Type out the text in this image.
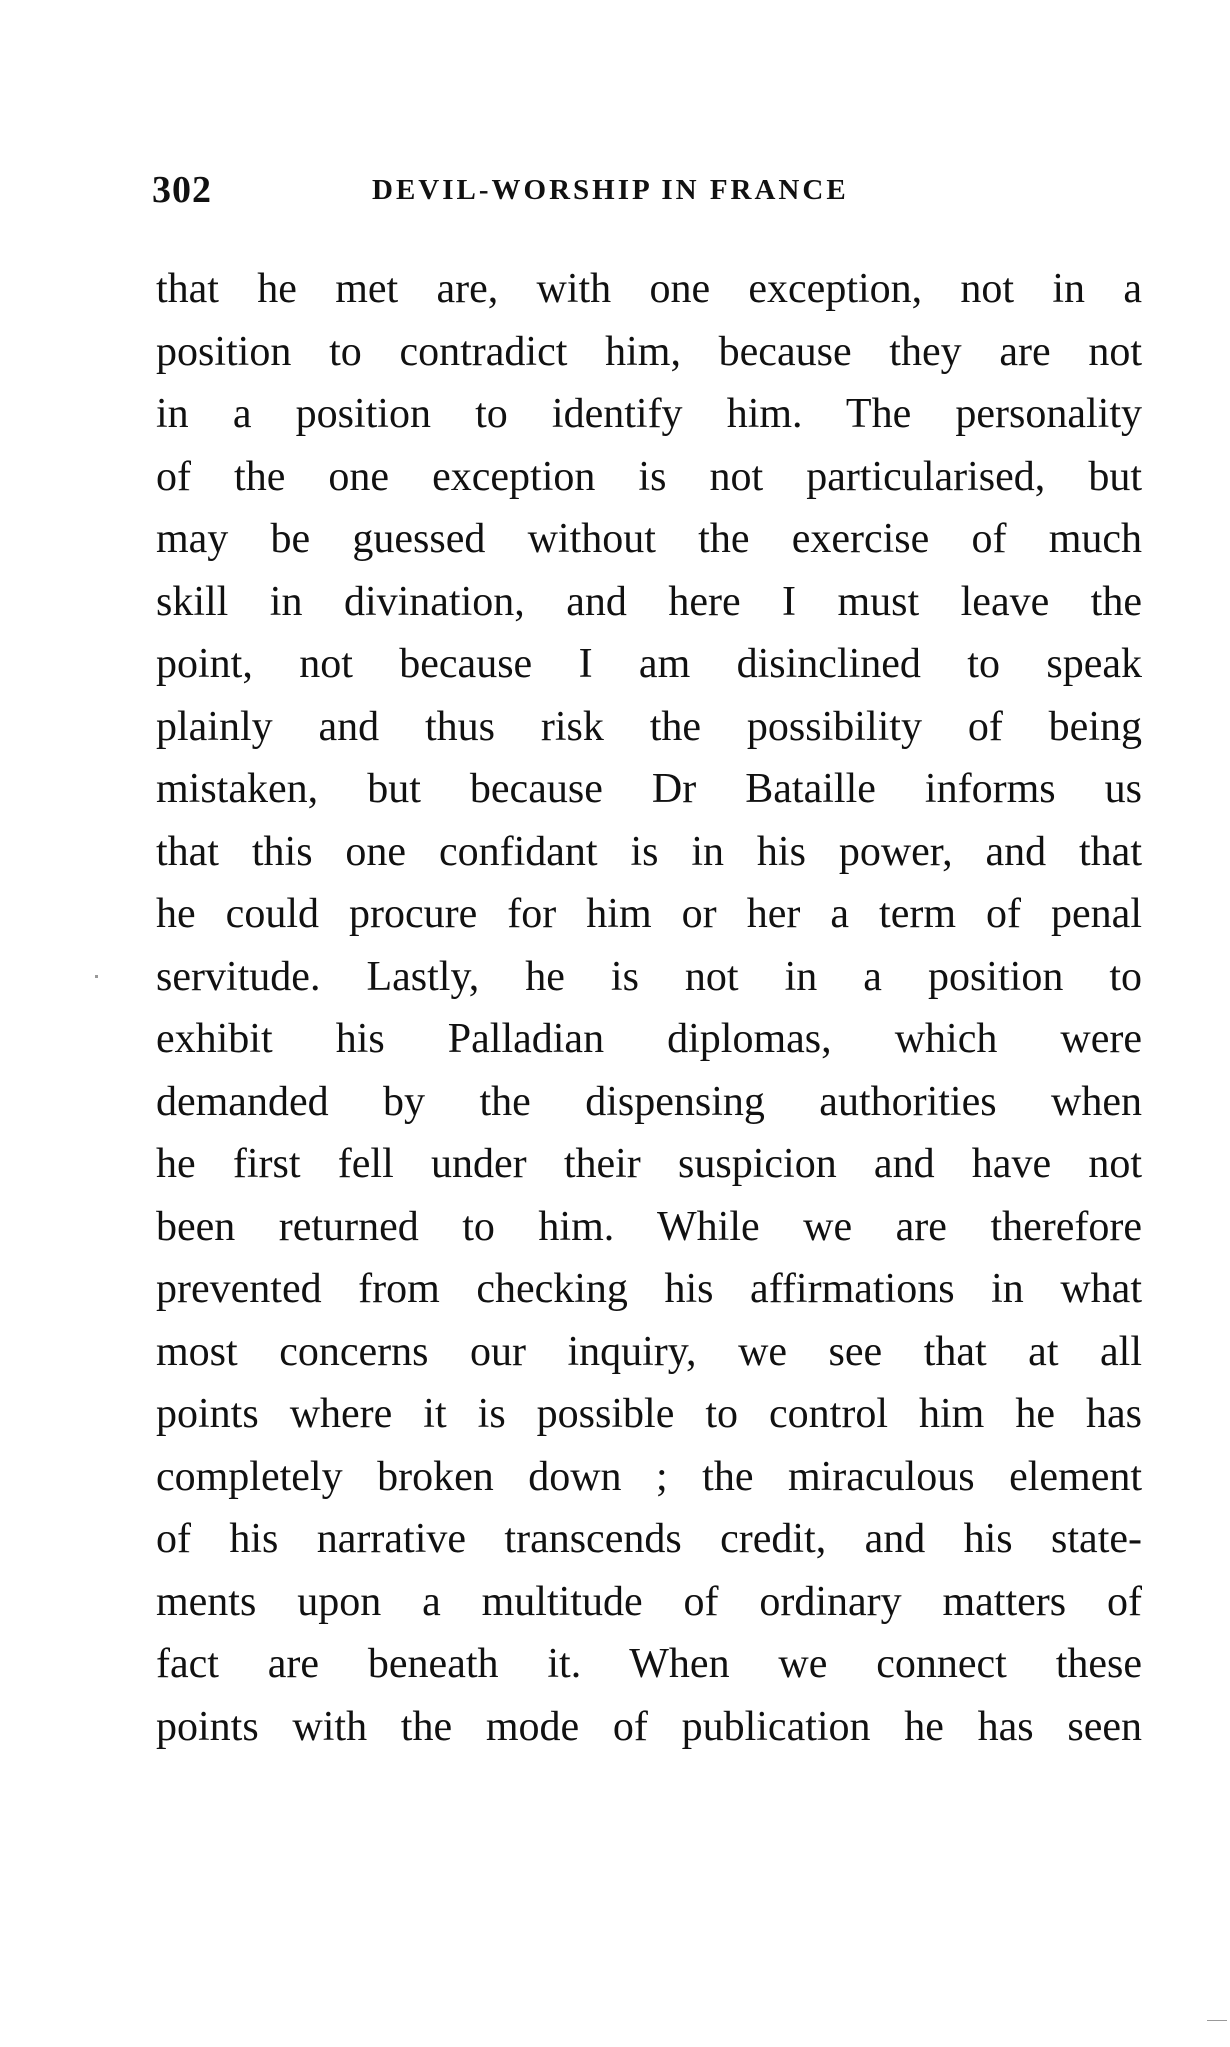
302	DEVIL-WORSHIP IN FRANCE
that he met are, with one exception, not in a
position to contradict him, because they are not
in a position to identify him. The personality
of the one exception is not particularised, but
may be guessed without the exercise of much
skill in divination, and here I must leave the
point, not because I am disinclined to speak
plainly and thus risk the possibility of being
mistaken, but because Dr Bataille informs us
that this one confidant is in his power, and that
he could procure for him or her a term of penal
servitude. Lastly, he is not in a position to
exhibit his Palladian diplomas, which were
demanded by the dispensing authorities when
he first fell under their suspicion and have not
been returned to him. While we are therefore
prevented from checking his affirmations in what
most concerns our inquiry, we see that at all
points where it is possible to control him he has
completely broken down ; the miraculous element
of his narrative transcends credit, and his state-
ments upon a multitude of ordinary matters of
fact are beneath it. When we connect these
points with the mode of publication he has seen
